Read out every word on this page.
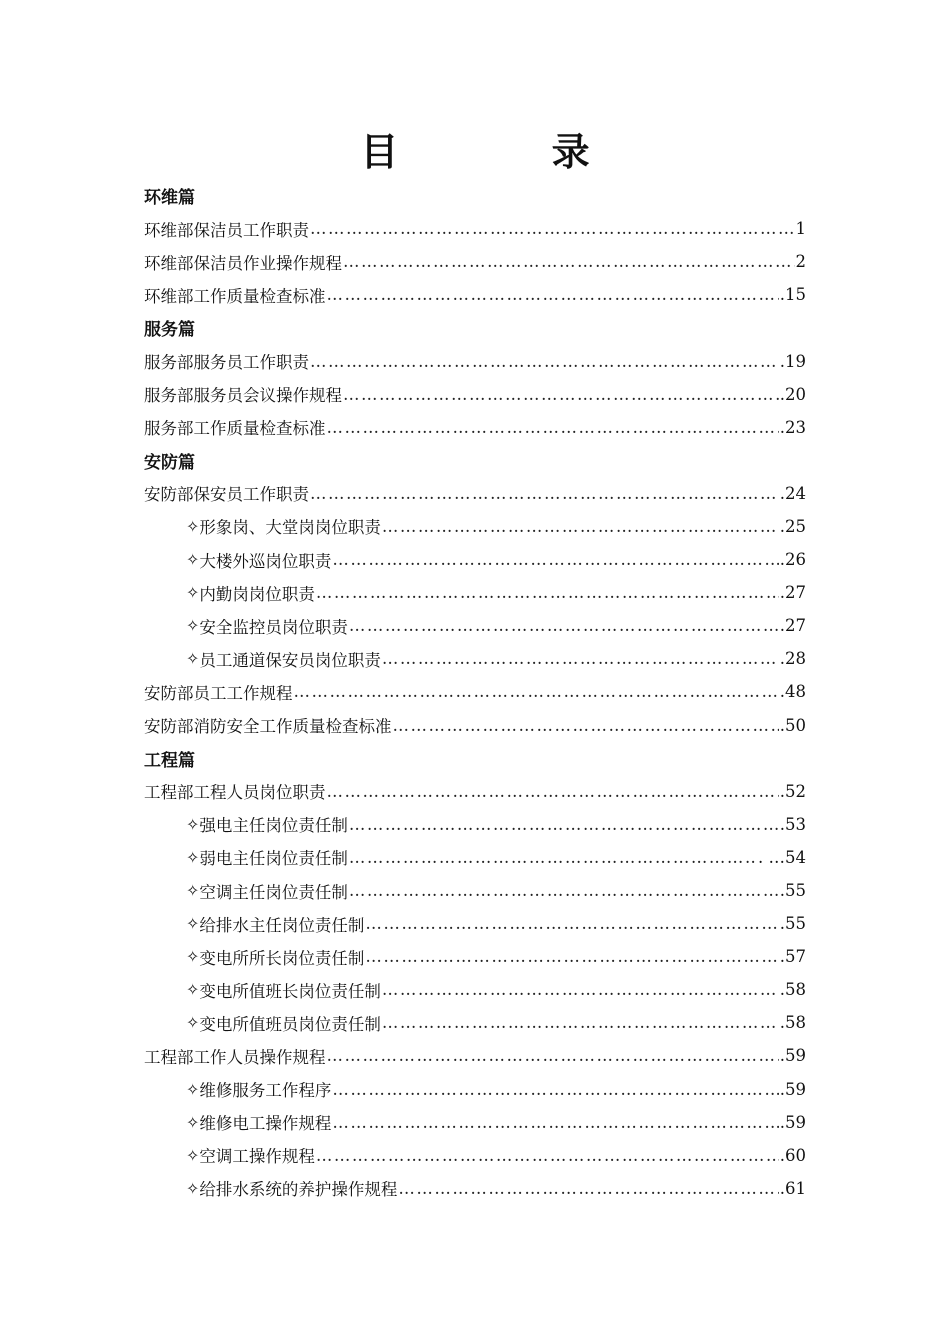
目 录
环维篇
环维部保洁员工作职责 ……………………………………………………………………………………………………………………………………………………………………………………………………………………	1
环维部保洁员作业操作规程 ……………………………………………………………………………………………………………………………………………………………………………………………………………………	2
环维部工作质量检查标准 ……………………………………………………………………………………………………………………………………………………………………………………………………………………	.15
服务篇
服务部服务员工作职责 ……………………………………………………………………………………………………………………………………………………………………………………………………………………	.19
服务部服务员会议操作规程 ……………………………………………………………………………………………………………………………………………………………………………………………………………………	.20
服务部工作质量检查标准 ……………………………………………………………………………………………………………………………………………………………………………………………………………………	.23
安防篇
安防部保安员工作职责 ……………………………………………………………………………………………………………………………………………………………………………………………………………………	.24
✧ 形象岗、大堂岗岗位职责 ……………………………………………………………………………………………………………………………………………………………………………………………………………………	.25
✧ 大楼外巡岗位职责 ……………………………………………………………………………………………………………………………………………………………………………………………………………………	.26
✧ 内勤岗岗位职责 ……………………………………………………………………………………………………………………………………………………………………………………………………………………	.27
✧ 安全监控员岗位职责 ……………………………………………………………………………………………………………………………………………………………………………………………………………………	.27
✧ 员工通道保安员岗位职责 ……………………………………………………………………………………………………………………………………………………………………………………………………………………	.28
安防部员工工作规程 ……………………………………………………………………………………………………………………………………………………………………………………………………………………	.48
安防部消防安全工作质量检查标准 ……………………………………………………………………………………………………………………………………………………………………………………………………………………	.50
工程篇
工程部工程人员岗位职责 ……………………………………………………………………………………………………………………………………………………………………………………………………………………	.52
✧ 强电主任岗位责任制 ……………………………………………………………………………………………………………………………………………………………………………………………………………………	.53
✧ 弱电主任岗位责任制 ……………………………………………………………………………………………………………………………………………………………………………………………………………………	. …54
✧ 空调主任岗位责任制 ……………………………………………………………………………………………………………………………………………………………………………………………………………………	.55
✧ 给排水主任岗位责任制 ……………………………………………………………………………………………………………………………………………………………………………………………………………………	.55
✧ 变电所所长岗位责任制 ……………………………………………………………………………………………………………………………………………………………………………………………………………………	.57
✧ 变电所值班长岗位责任制 ……………………………………………………………………………………………………………………………………………………………………………………………………………………	.58
✧ 变电所值班员岗位责任制 ……………………………………………………………………………………………………………………………………………………………………………………………………………………	.58
工程部工作人员操作规程 ……………………………………………………………………………………………………………………………………………………………………………………………………………………	.59
✧ 维修服务工作程序 ……………………………………………………………………………………………………………………………………………………………………………………………………………………	.59
✧ 维修电工操作规程 ……………………………………………………………………………………………………………………………………………………………………………………………………………………	.59
✧ 空调工操作规程 ……………………………………………………………………………………………………………………………………………………………………………………………………………………	.60
✧ 给排水系统的养护操作规程 ……………………………………………………………………………………………………………………………………………………………………………………………………………………	.61
